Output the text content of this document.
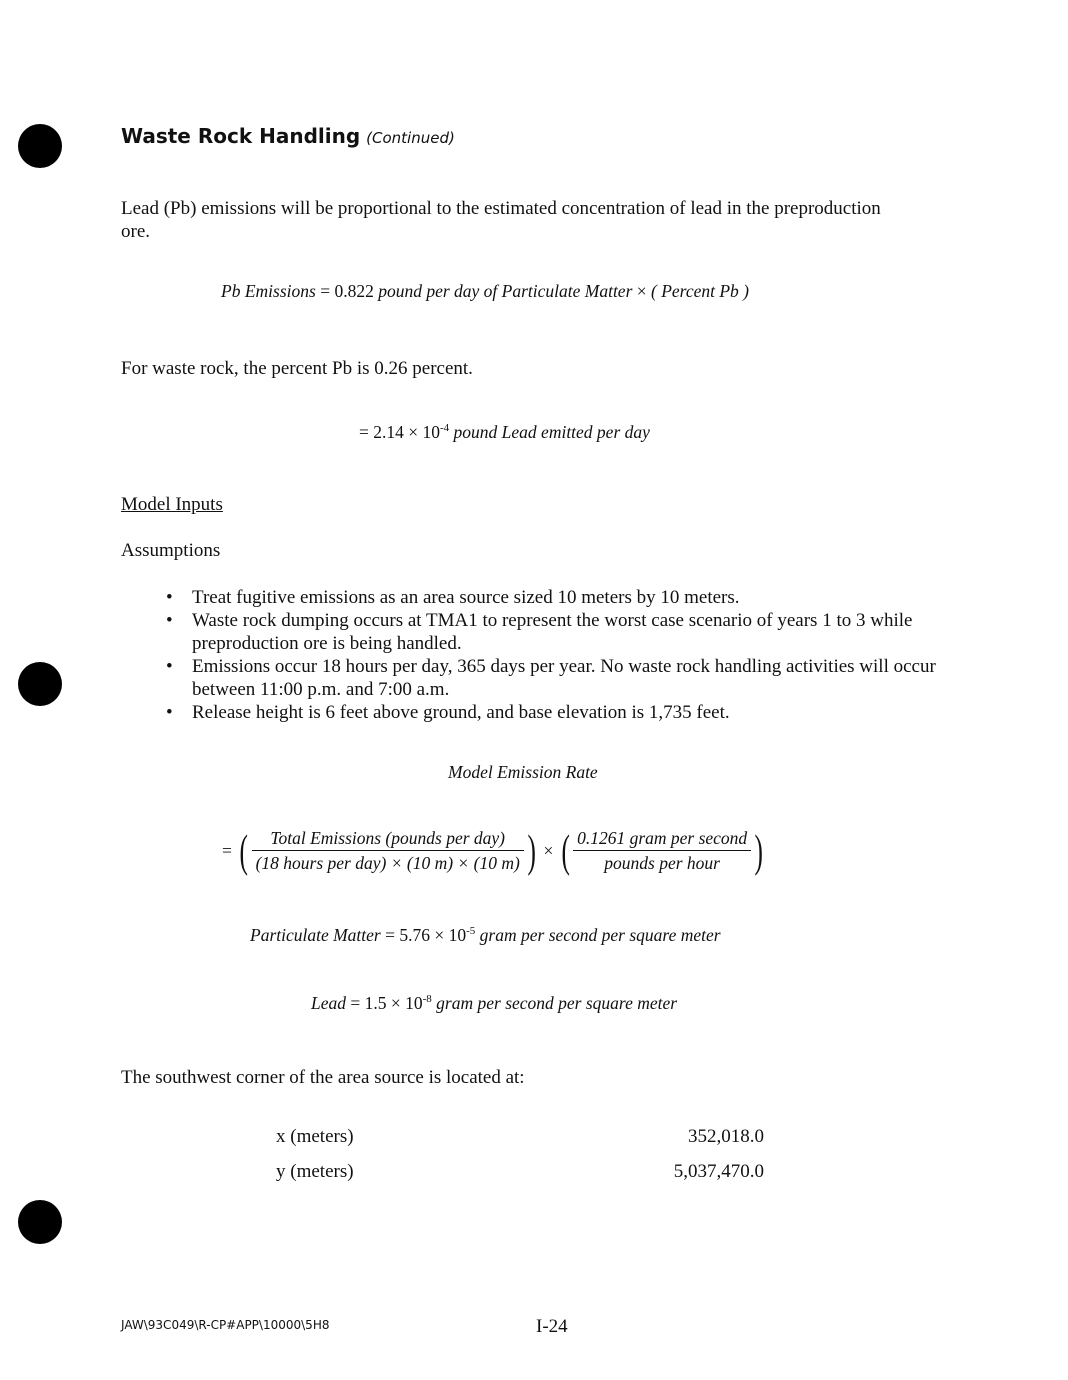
Waste Rock Handling (Continued)
Lead (Pb) emissions will be proportional to the estimated concentration of lead in the preproduction ore.
Pb Emissions = 0.822 pound per day of Particulate Matter × ( Percent Pb )
For waste rock, the percent Pb is 0.26 percent.
= $2.14 \times 10^{-4}$ pound Lead emitted per day
Model Inputs
Assumptions
• Treat fugitive emissions as an area source sized 10 meters by 10 meters.
• Waste rock dumping occurs at TMA1 to represent the worst case scenario of years 1 to 3 while preproduction ore is being handled.
• Emissions occur 18 hours per day, 365 days per year. No waste rock handling activities will occur between 11:00 p.m. and 7:00 a.m.
• Release height is 6 feet above ground, and base elevation is 1,735 feet.
Model Emission Rate
= ( $\frac{\text{Total Emissions (pounds per day)}}{\text{(18 hours per day) × (10 m) × (10 m)}}$ ) × ( $\frac{\text{0.1261 gram per second}}{\text{pounds per hour}}$ )
Particulate Matter = $5.76 \times 10^{-5}$ gram per second per square meter
Lead = $1.5 \times 10^{-8}$ gram per second per square meter
The southwest corner of the area source is located at:
x (meters)	352,018.0
y (meters)	5,037,470.0
JAW\93C049\R-CP#APP\10000\5H8	I-24
